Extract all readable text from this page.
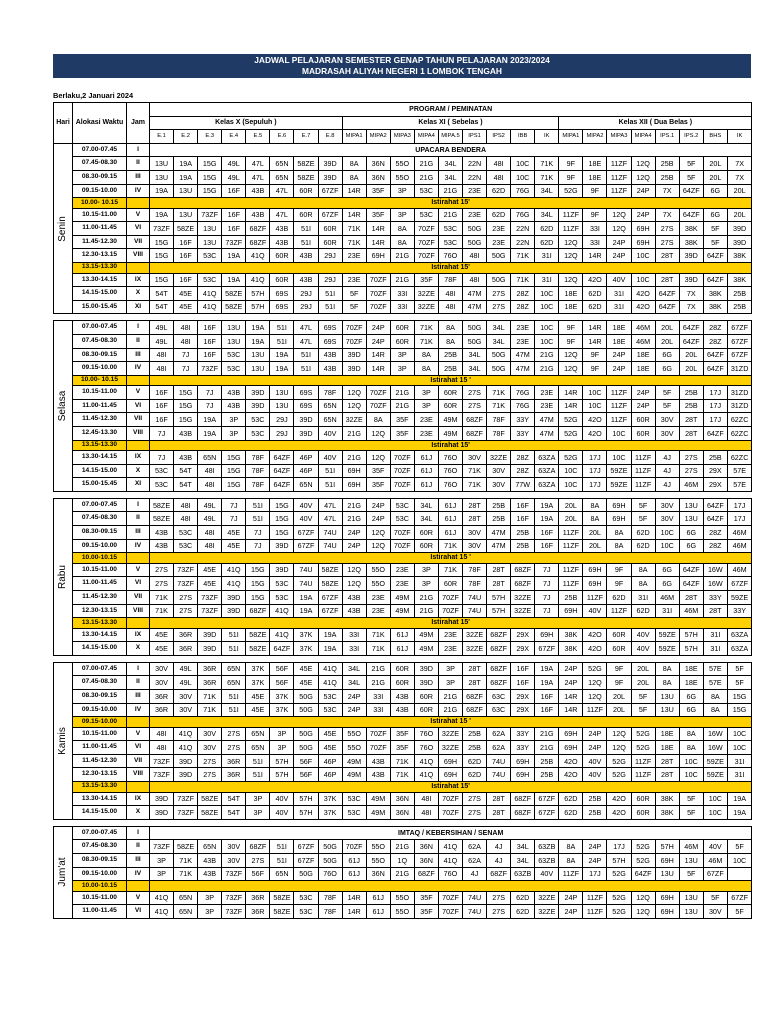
JADWAL PELAJARAN SEMESTER GENAP TAHUN PELAJARAN 2023/2024
MADRASAH ALIYAH NEGERI 1 LOMBOK TENGAH
Berlaku,2 Januari 2024
Hari	Alokasi Waktu	Jam	PROGRAM / PEMINATAN																								
			Kelas X (Sepuluh )								Kelas XI ( Sebelas )									Kelas XII ( Dua Belas )							
			E.1	E.2	E.3	E.4	E.5	E.6	E.7	E.8	MIPA1	MIPA2	MIPA3	MIPA4	MIPA.5	IPS1	IPS2	IBB	IK	MIPA1	MIPA2	MIPA3	MIPA4	IPS.1	IPS.2	BHS	IK

Senin	07.00-07.45	I	UPACARA BENDERA																								
	07.45-08.30	II	13U	19A	15G	49L	47L	65N	58ZE	39D	8A	36N	55O	21G	34L	22N	48I	10C	71K	9F	18E	11ZF	12Q	25B	5F	20L	7X
	08.30-09.15	III	13U	19A	15G	49L	47L	65N	58ZE	39D	8A	36N	55O	21G	34L	22N	48I	10C	71K	9F	18E	11ZF	12Q	25B	5F	20L	7X
	09.15-10.00	IV	19A	13U	15G	16F	43B	47L	60R	67ZF	14R	35F	3P	53C	21G	23E	62D	76G	34L	52G	9F	11ZF	24P	7X	64ZF	6G	20L
	10.00- 10.15		Istirahat 15'																								
	10.15-11.00	V	19A	13U	73ZF	16F	43B	47L	60R	67ZF	14R	35F	3P	53C	21G	23E	62D	76G	34L	11ZF	9F	12Q	24P	7X	64ZF	6G	20L
	11.00-11.45	VI	73ZF	58ZE	13U	16F	68ZF	43B	51I	60R	71K	14R	8A	70ZF	53C	50G	23E	22N	62D	11ZF	33I	12Q	69H	27S	38K	5F	39D
	11.45-12.30	VII	15G	16F	13U	73ZF	68ZF	43B	51I	60R	71K	14R	8A	70ZF	53C	50G	23E	22N	62D	12Q	33I	24P	69H	27S	38K	5F	39D
	12.30-13.15	VIII	15G	16F	53C	19A	41Q	60R	43B	29J	23E	69H	21G	70ZF	76O	48I	50G	71K	31I	12Q	14R	24P	10C	28T	39D	64ZF	38K
	13.15-13.30		Istirahat 15'																								
	13.30-14.15	IX	15G	16F	53C	19A	41Q	60R	43B	29J	23E	70ZF	21G	35F	78F	48I	50G	71K	31I	12Q	42O	40V	10C	28T	39D	64ZF	38K
	14.15-15.00	X	54T	45E	41Q	58ZE	57H	69S	29J	51I	5F	70ZF	33I	32ZE	48I	47M	27S	28Z	10C	18E	62D	31I	42O	64ZF	7X	38K	25B
	15.00-15.45	XI	54T	45E	41Q	58ZE	57H	69S	29J	51I	5F	70ZF	33I	32ZE	48I	47M	27S	28Z	10C	18E	62D	31I	42O	64ZF	7X	38K	25B

Selasa	07.00-07.45	I	49L	48I	16F	13U	19A	51I	47L	69S	70ZF	24P	60R	71K	8A	50G	34L	23E	10C	9F	14R	18E	46M	20L	64ZF	28Z	67ZF
	07.45-08.30	II	49L	48I	16F	13U	19A	51I	47L	69S	70ZF	24P	60R	71K	8A	50G	34L	23E	10C	9F	14R	18E	46M	20L	64ZF	28Z	67ZF
	08.30-09.15	III	48I	7J	16F	53C	13U	19A	51I	43B	39D	14R	3P	8A	25B	34L	50G	47M	21G	12Q	9F	24P	18E	6G	20L	64ZF	67ZF
	09.15-10.00	IV	48I	7J	73ZF	53C	13U	19A	51I	43B	39D	14R	3P	8A	25B	34L	50G	47M	21G	12Q	9F	24P	18E	6G	20L	64ZF	31ZD
	10.00- 10.15		Istirahat 15 '																								
	10.15-11.00	V	16F	15G	7J	43B	39D	13U	69S	78F	12Q	70ZF	21G	3P	60R	27S	71K	76G	23E	14R	10C	11ZF	24P	5F	25B	17J	31ZD
	11.00-11.45	VI	16F	15G	7J	43B	39D	13U	69S	65N	12Q	70ZF	21G	3P	60R	27S	71K	76G	23E	14R	10C	11ZF	24P	5F	25B	17J	31ZD
	11.45-12.30	VII	16F	15G	19A	3P	53C	29J	39D	65N	32ZE	8A	35F	23E	49M	68ZF	78F	33Y	47M	52G	42O	11ZF	60R	30V	28T	17J	62ZC
	12.45-13.30	VIII	7J	43B	19A	3P	53C	29J	39D	40V	21G	12Q	35F	23E	49M	68ZF	78F	33Y	47M	52G	42O	10C	60R	30V	28T	64ZF	62ZC
	13.15-13.30		Istirahat 15'																								
	13.30-14.15	IX	7J	43B	65N	15G	78F	64ZF	46P	40V	21G	12Q	70ZF	61J	76O	30V	32ZE	28Z	63ZA	52G	17J	10C	11ZF	4J	27S	25B	62ZC
	14.15-15.00	X	53C	54T	48I	15G	78F	64ZF	46P	51I	69H	35F	70ZF	61J	76O	71K	30V	28Z	63ZA	10C	17J	59ZE	11ZF	4J	27S	29X	57E
	15.00-15.45	XI	53C	54T	48I	15G	78F	64ZF	65N	51I	69H	35F	70ZF	61J	76O	71K	30V	77W	63ZA	10C	17J	59ZE	11ZF	4J	46M	29X	57E

Rabu	07.00-07.45	I	58ZE	48I	49L	7J	51I	15G	40V	47L	21G	24P	53C	34L	61J	28T	25B	16F	19A	20L	8A	69H	5F	30V	13U	64ZF	17J
	07.45-08.30	II	58ZE	48I	49L	7J	51I	15G	40V	47L	21G	24P	53C	34L	61J	28T	25B	16F	19A	20L	8A	69H	5F	30V	13U	64ZF	17J
	08.30-09.15	III	43B	53C	48I	45E	7J	15G	67ZF	74U	24P	12Q	70ZF	60R	61J	30V	47M	25B	16F	11ZF	20L	8A	62D	10C	6G	28Z	46M
	09.15-10.00	IV	43B	53C	48I	45E	7J	39D	67ZF	74U	24P	12Q	70ZF	60R	71K	30V	47M	25B	16F	11ZF	20L	8A	62D	10C	6G	28Z	46M
	10.00-10.15		Istirahat 15 '																								
	10.15-11.00	V	27S	73ZF	45E	41Q	15G	39D	74U	58ZE	12Q	55O	23E	3P	71K	78F	28T	68ZF	7J	11ZF	69H	9F	8A	6G	64ZF	16W	46M
	11.00-11.45	VI	27S	73ZF	45E	41Q	15G	53C	74U	58ZE	12Q	55O	23E	3P	60R	78F	28T	68ZF	7J	11ZF	69H	9F	8A	6G	64ZF	16W	67ZF
	11.45-12.30	VII	71K	27S	73ZF	39D	15G	53C	19A	67ZF	43B	23E	49M	21G	70ZF	74U	57H	32ZE	7J	25B	11ZF	62D	31I	46M	28T	33Y	59ZE
	12.30-13.15	VIII	71K	27S	73ZF	39D	68ZF	41Q	19A	67ZF	43B	23E	49M	21G	70ZF	74U	57H	32ZE	7J	69H	40V	11ZF	62D	31I	46M	28T	33Y
	13.15-13.30		Istirahat 15'																								
	13.30-14.15	IX	45E	36R	39D	51I	58ZE	41Q	37K	19A	33I	71K	61J	49M	23E	32ZE	68ZF	29X	69H	38K	42O	60R	40V	59ZE	57H	31I	63ZA
	14.15-15.00	X	45E	36R	39D	51I	58ZE	64ZF	37K	19A	33I	71K	61J	49M	23E	32ZE	68ZF	29X	67ZF	38K	42O	60R	40V	59ZE	57H	31I	63ZA

Kamis	07.00-07.45	I	30V	49L	36R	65N	37K	56F	45E	41Q	34L	21G	60R	39D	3P	28T	68ZF	16F	19A	24P	52G	9F	20L	8A	18E	57E	5F
	07.45-08.30	II	30V	49L	36R	65N	37K	56F	45E	41Q	34L	21G	60R	39D	3P	28T	68ZF	16F	19A	24P	12Q	9F	20L	8A	18E	57E	5F
	08.30-09.15	III	36R	30V	71K	51I	45E	37K	50G	53C	24P	33I	43B	60R	21G	68ZF	63C	29X	16F	14R	12Q	20L	5F	13U	6G	8A	15G
	09.15-10.00	IV	36R	30V	71K	51I	45E	37K	50G	53C	24P	33I	43B	60R	21G	68ZF	63C	29X	16F	14R	11ZF	20L	5F	13U	6G	8A	15G
	09.15-10.00		Istirahat 15 '																								
	10.15-11.00	V	48I	41Q	30V	27S	65N	3P	50G	45E	55O	70ZF	35F	76O	32ZE	25B	62A	33Y	21G	69H	24P	12Q	52G	18E	8A	16W	10C
	11.00-11.45	VI	48I	41Q	30V	27S	65N	3P	50G	45E	55O	70ZF	35F	76O	32ZE	25B	62A	33Y	21G	69H	24P	12Q	52G	18E	8A	16W	10C
	11.45-12.30	VII	73ZF	39D	27S	36R	51I	57H	56F	46P	49M	43B	71K	41Q	69H	62D	74U	69H	25B	42O	40V	52G	11ZF	28T	10C	59ZE	31I
	12.30-13.15	VIII	73ZF	39D	27S	36R	51I	57H	56F	46P	49M	43B	71K	41Q	69H	62D	74U	69H	25B	42O	40V	52G	11ZF	28T	10C	59ZE	31I
	13.15-13.30		Istirahat 15'																								
	13.30-14.15	IX	39D	73ZF	58ZE	54T	3P	40V	57H	37K	53C	49M	36N	48I	70ZF	27S	28T	68ZF	67ZF	62D	25B	42O	60R	38K	5F	10C	19A
	14.15-15.00	X	39D	73ZF	58ZE	54T	3P	40V	57H	37K	53C	49M	36N	48I	70ZF	27S	28T	68ZF	67ZF	62D	25B	42O	60R	38K	5F	10C	19A

Jum'at	07.00-07.45	I	IMTAQ / KEBERSIHAN / SENAM																								
	07.45-08.30	II	73ZF	58ZE	65N	30V	68ZF	51I	67ZF	50G	70ZF	55O	21G	36N	41Q	62A	4J	34L	63ZB	8A	24P	17J	52G	57H	46M	40V	5F
	08.30-09.15	III	3P	71K	43B	30V	27S	51I	67ZF	50G	61J	55O	1Q	36N	41Q	62A	4J	34L	63ZB	8A	24P	57H	52G	69H	13U	46M	10C
	09.15-10.00	IV	3P	71K	43B	73ZF	56F	65N	50G	76O	61J	36N	21G	68ZF	76O	4J	68ZF	63ZB	40V	11ZF	17J	52G	64ZF	13U	5F	67ZF	
	10.00-10.15																										
	10.15-11.00	V	41Q	65N	3P	73ZF	36R	58ZE	53C	78F	14R	61J	55O	35F	70ZF	74U	27S	62D	32ZE	24P	11ZF	52G	12Q	69H	13U	5F	67ZF
	11.00-11.45	VI	41Q	65N	3P	73ZF	36R	58ZE	53C	78F	14R	61J	55O	35F	70ZF	74U	27S	62D	32ZE	24P	11ZF	52G	12Q	69H	13U	30V	5F
